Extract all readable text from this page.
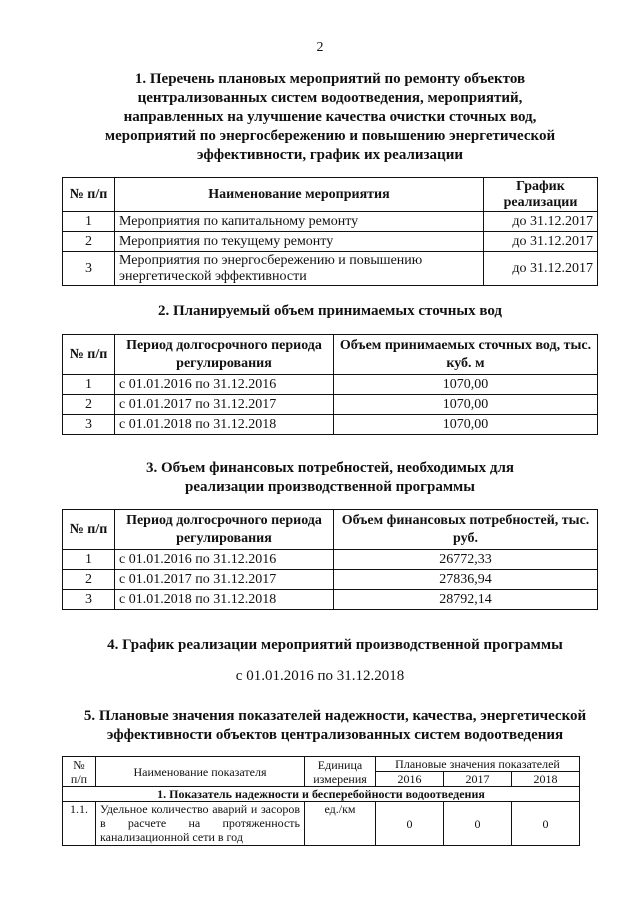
2
1. Перечень плановых мероприятий по ремонту объектов
централизованных систем водоотведения, мероприятий,
направленных на улучшение качества очистки сточных вод,
мероприятий по энергосбережению и повышению энергетической
эффективности, график их реализации
№ п/п	Наименование мероприятия	График реализации
1	Мероприятия по капитальному ремонту	до 31.12.2017
2	Мероприятия по текущему ремонту	до 31.12.2017
3	Мероприятия по энергосбережению и повышению энергетической эффективности	до 31.12.2017
2. Планируемый объем принимаемых сточных вод
№ п/п	Период долгосрочного периода регулирования	Объем принимаемых сточных вод, тыс. куб. м
1	с 01.01.2016 по 31.12.2016	1070,00
2	с 01.01.2017 по 31.12.2017	1070,00
3	с 01.01.2018 по 31.12.2018	1070,00
3. Объем финансовых потребностей, необходимых для
реализации производственной программы
№ п/п	Период долгосрочного периода регулирования	Объем финансовых потребностей, тыс. руб.
1	с 01.01.2016 по 31.12.2016	26772,33
2	с 01.01.2017 по 31.12.2017	27836,94
3	с 01.01.2018 по 31.12.2018	28792,14
4. График реализации мероприятий производственной программы
с 01.01.2016 по 31.12.2018
5. Плановые значения показателей надежности, качества, энергетической
эффективности объектов централизованных систем водоотведения
№ п/п	Наименование показателя	Единица измерения	Плановые значения показателей		
			2016	2017	2018
1. Показатель надежности и бесперебойности водоотведения					
1.1.	Удельное количество аварий и засоров в расчете на протяженность канализационной сети в год	ед./км	0	0	0
